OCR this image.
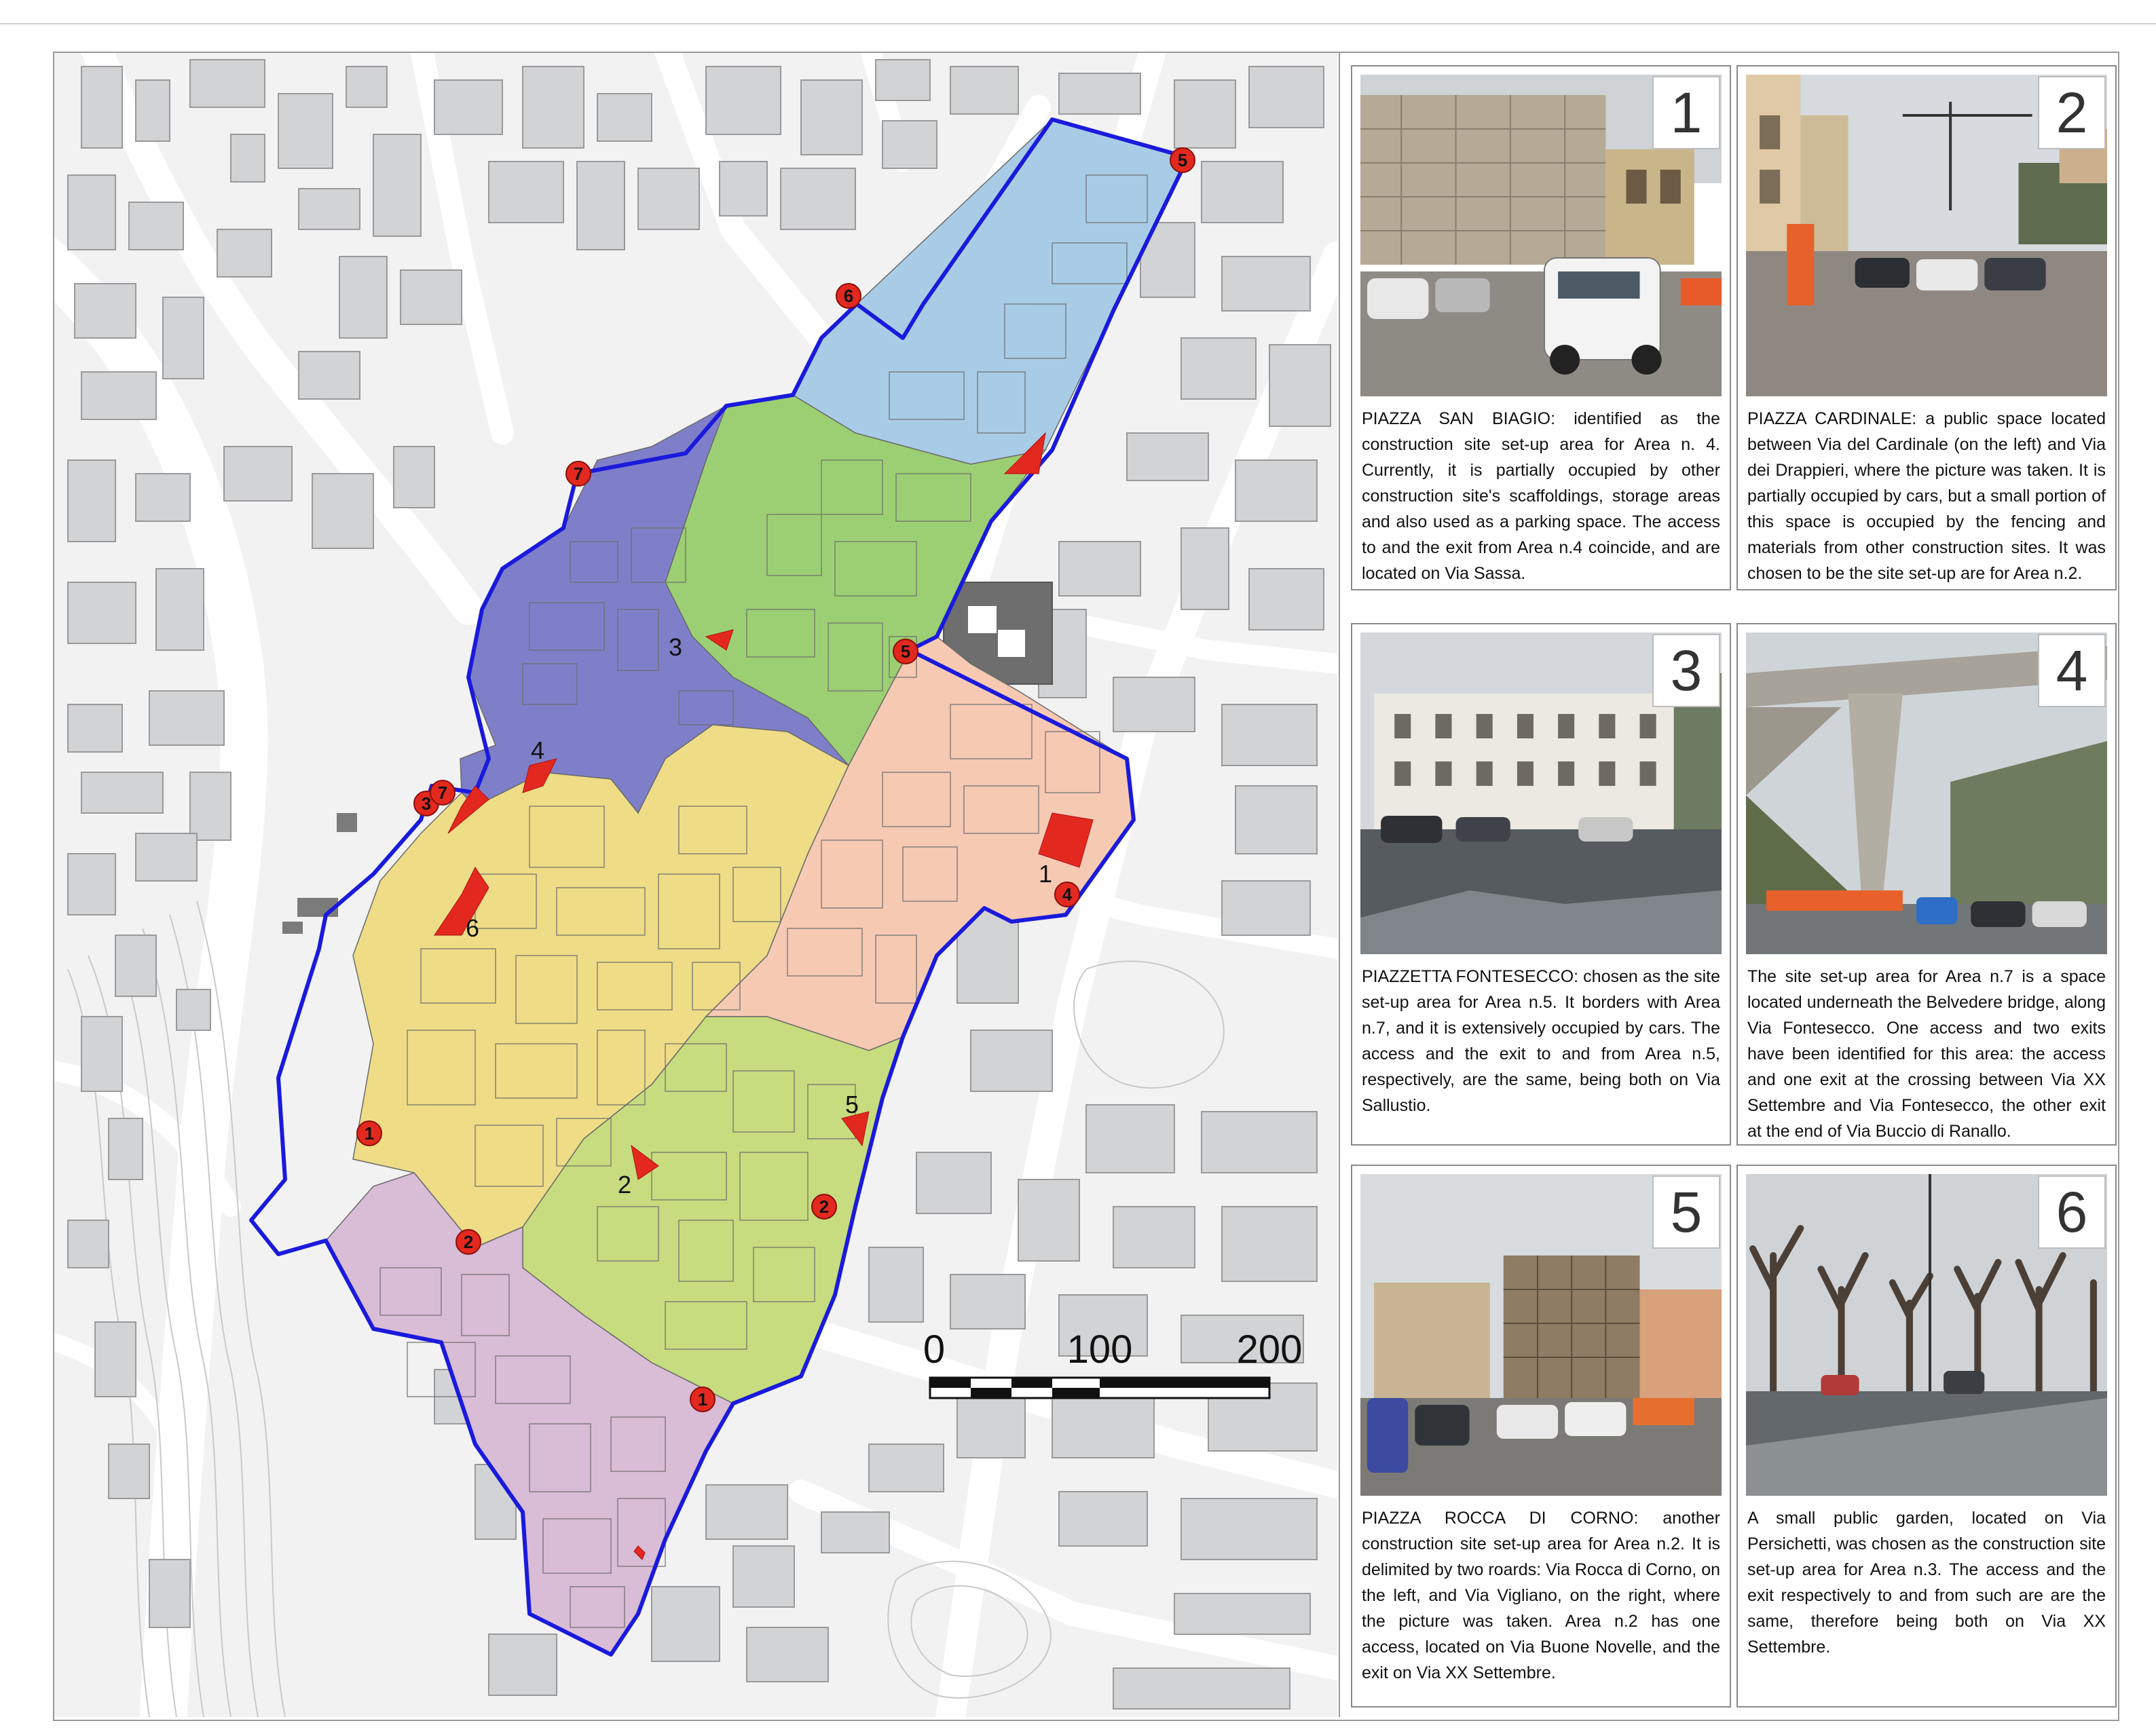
1
2
3
4
5
6
1
1
2
2
3
4
5
5
6
7
7
0	100	200
1
PIAZZA SAN BIAGIO: identified as the construction site set-up area for Area n. 4. Currently, it is partially occupied by other construction site's scaffoldings, storage areas and also used as a parking space. The access to and the exit from Area n.4 coincide, and are located on Via Sassa.
2
PIAZZA CARDINALE: a public space located between Via del Cardinale (on the left) and Via dei Drappieri, where the picture was taken. It is partially occupied by cars, but a small portion of this space is occupied by the fencing and materials from other construction sites. It was chosen to be the site set-up are for Area n.2.
3
PIAZZETTA FONTESECCO: chosen as the site set-up area for Area n.5. It borders with Area n.7, and it is extensively occupied by cars. The access and the exit to and from Area n.5, respectively, are the same, being both on Via Sallustio.
4
The site set-up area for Area n.7 is a space located underneath the Belvedere bridge, along Via Fontesecco. One access and two exits have been identified for this area: the access and one exit at the crossing between Via XX Settembre and Via Fontesecco, the other exit at the end of Via Buccio di Ranallo.
5
PIAZZA ROCCA DI CORNO: another construction site set-up area for Area n.2. It is delimited by two roards: Via Rocca di Corno, on the left, and Via Vigliano, on the right, where the picture was taken. Area n.2 has one access, located on Via Buone Novelle, and the exit on Via XX Settembre.
6
A small public garden, located on Via Persichetti, was chosen as the construction site set-up area for Area n.3. The access and the exit respectively to and from such are are the same, therefore being both on Via XX Settembre.
